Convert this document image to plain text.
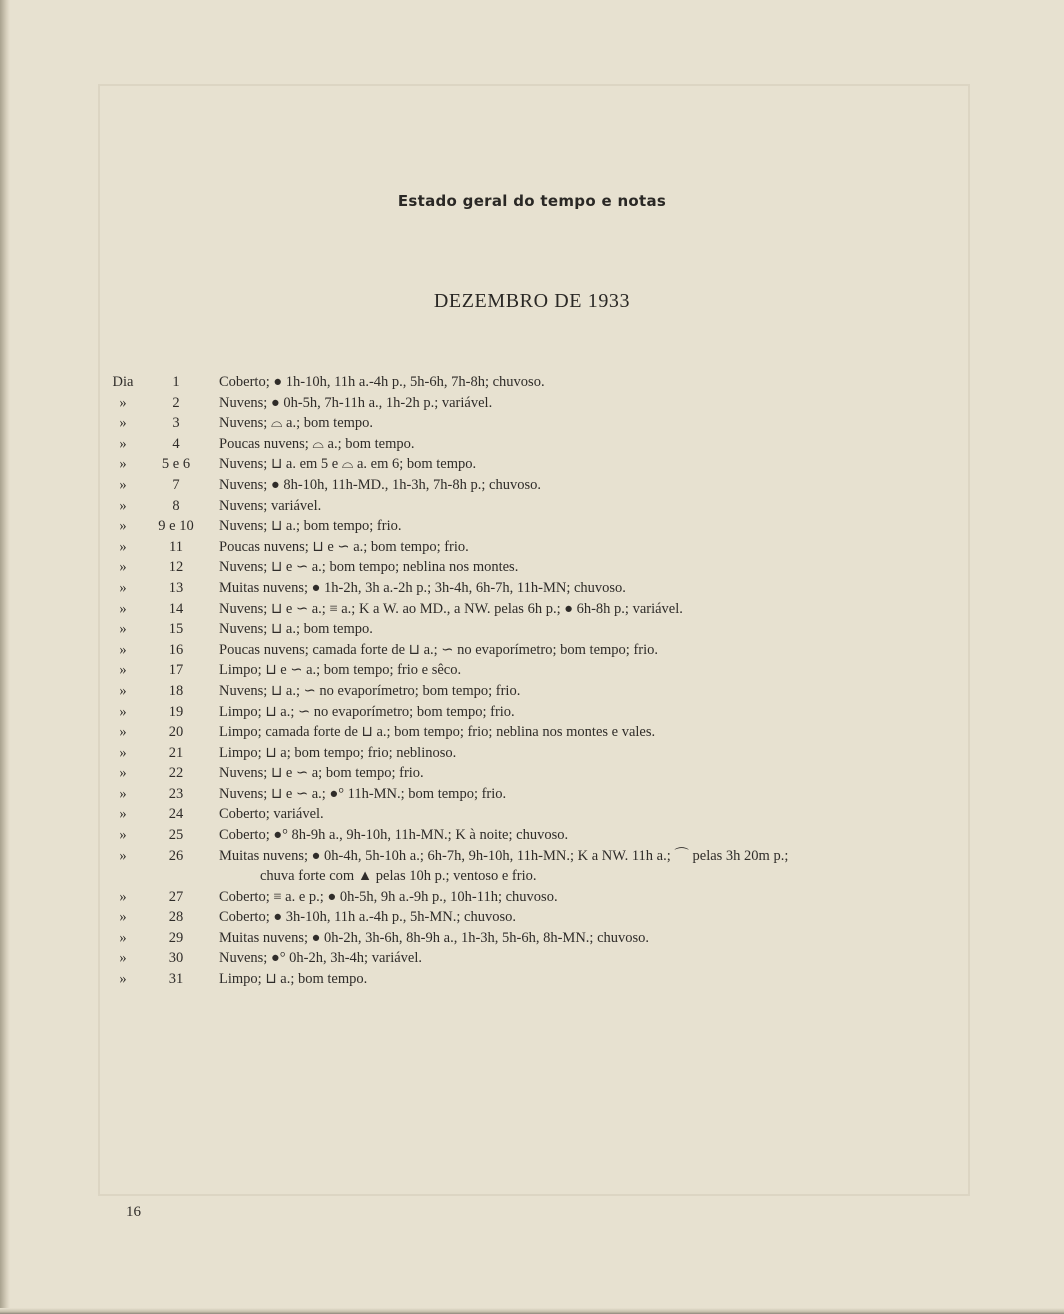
Estado geral do tempo e notas
DEZEMBRO DE 1933
Dia	1	Coberto; ● 1h-10h, 11h a.-4h p., 5h-6h, 7h-8h; chuvoso.
»	2	Nuvens; ● 0h-5h, 7h-11h a., 1h-2h p.; variável.
»	3	Nuvens; ⌓ a.; bom tempo.
»	4	Poucas nuvens; ⌓ a.; bom tempo.
»	5 e 6	Nuvens; ⊔ a. em 5 e ⌓ a. em 6; bom tempo.
»	7	Nuvens; ● 8h-10h, 11h-MD., 1h-3h, 7h-8h p.; chuvoso.
»	8	Nuvens; variável.
»	9 e 10	Nuvens; ⊔ a.; bom tempo; frio.
»	11	Poucas nuvens; ⊔ e ∽ a.; bom tempo; frio.
»	12	Nuvens; ⊔ e ∽ a.; bom tempo; neblina nos montes.
»	13	Muitas nuvens; ● 1h-2h, 3h a.-2h p.; 3h-4h, 6h-7h, 11h-MN; chuvoso.
»	14	Nuvens; ⊔ e ∽ a.; ≡ a.; K a W. ao MD., a NW. pelas 6h p.; ● 6h-8h p.; variável.
»	15	Nuvens; ⊔ a.; bom tempo.
»	16	Poucas nuvens; camada forte de ⊔ a.; ∽ no evaporímetro; bom tempo; frio.
»	17	Limpo; ⊔ e ∽ a.; bom tempo; frio e sêco.
»	18	Nuvens; ⊔ a.; ∽ no evaporímetro; bom tempo; frio.
»	19	Limpo; ⊔ a.; ∽ no evaporímetro; bom tempo; frio.
»	20	Limpo; camada forte de ⊔ a.; bom tempo; frio; neblina nos montes e vales.
»	21	Limpo; ⊔ a; bom tempo; frio; neblinoso.
»	22	Nuvens; ⊔ e ∽ a; bom tempo; frio.
»	23	Nuvens; ⊔ e ∽ a.; ●° 11h-MN.; bom tempo; frio.
»	24	Coberto; variável.
»	25	Coberto; ●° 8h-9h a., 9h-10h, 11h-MN.; K à noite; chuvoso.
»	26	Muitas nuvens; ● 0h-4h, 5h-10h a.; 6h-7h, 9h-10h, 11h-MN.; K a NW. 11h a.; ⌒ pelas 3h 20m p.;
chuva forte com ▲ pelas 10h p.; ventoso e frio.
»	27	Coberto; ≡ a. e p.; ● 0h-5h, 9h a.-9h p., 10h-11h; chuvoso.
»	28	Coberto; ● 3h-10h, 11h a.-4h p., 5h-MN.; chuvoso.
»	29	Muitas nuvens; ● 0h-2h, 3h-6h, 8h-9h a., 1h-3h, 5h-6h, 8h-MN.; chuvoso.
»	30	Nuvens; ●° 0h-2h, 3h-4h; variável.
»	31	Limpo; ⊔ a.; bom tempo.
16
